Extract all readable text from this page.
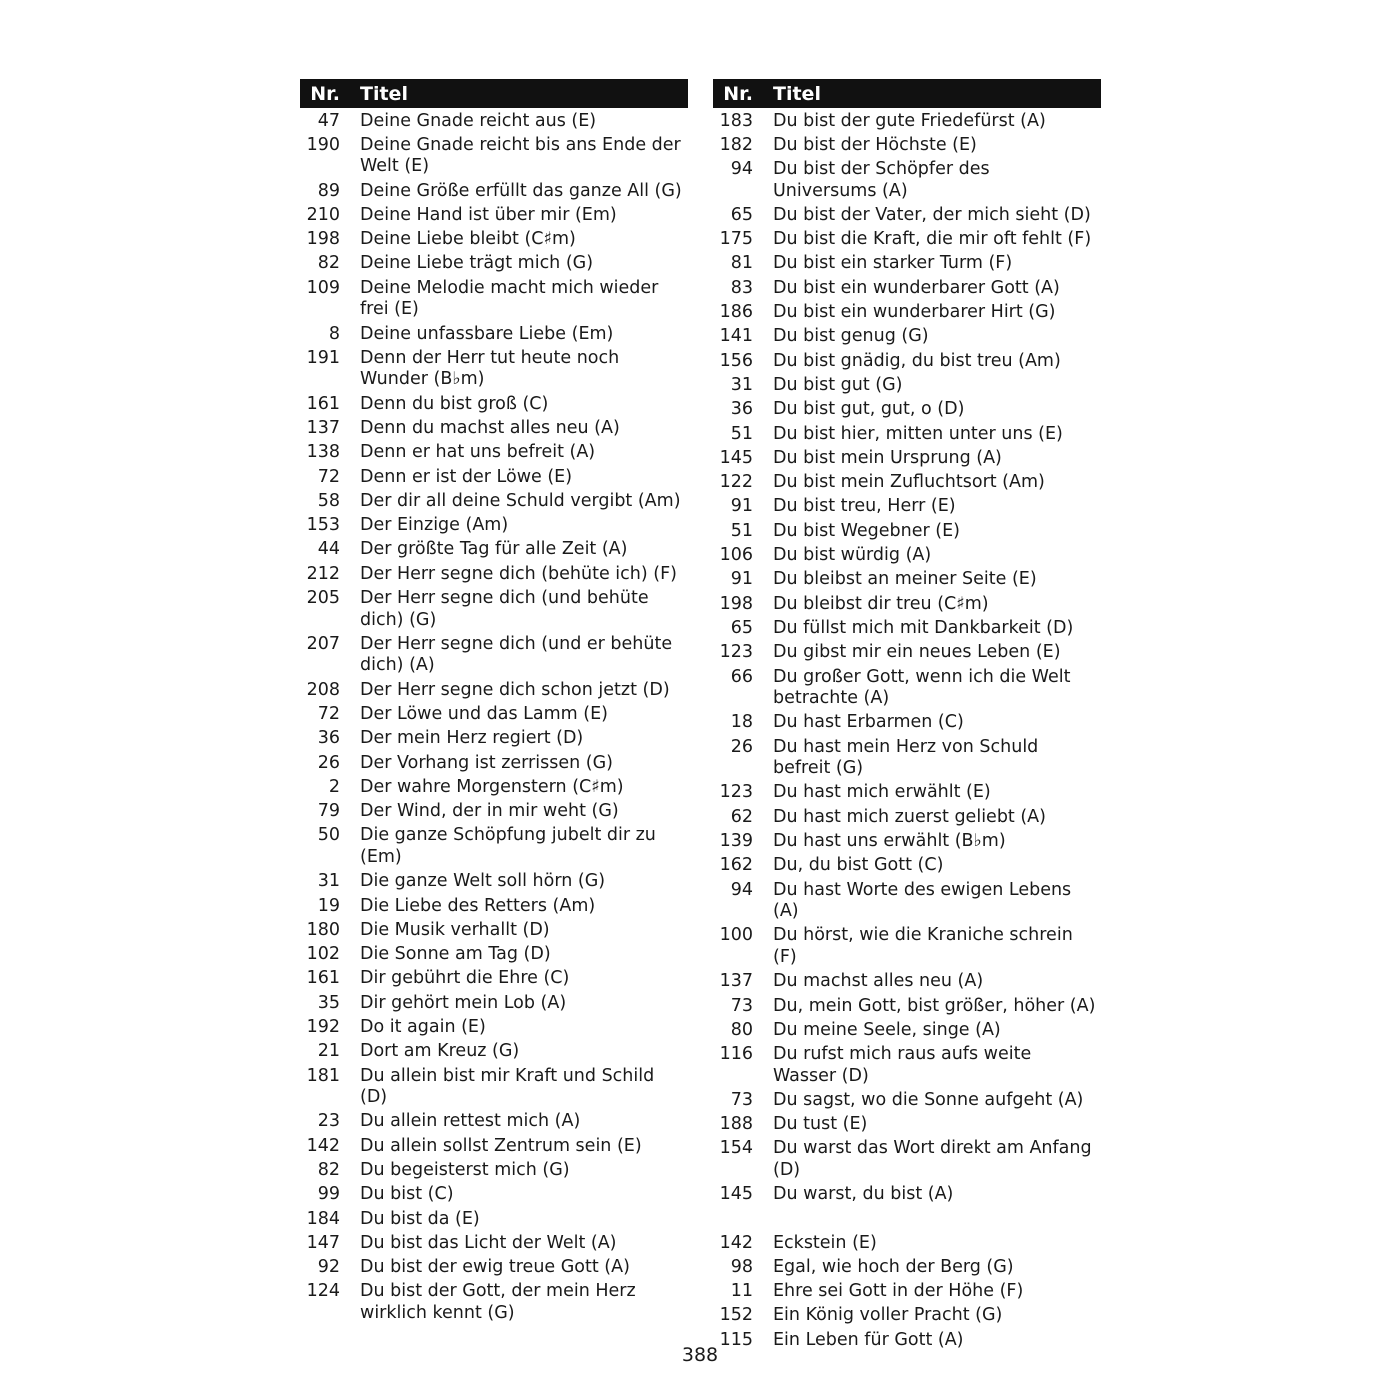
Nr.	Titel
47	Deine Gnade reicht aus (E)
190	Deine Gnade reicht bis ans Ende der Welt (E)
89	Deine Größe erfüllt das ganze All (G)
210	Deine Hand ist über mir (Em)
198	Deine Liebe bleibt (C♯m)
82	Deine Liebe trägt mich (G)
109	Deine Melodie macht mich wieder frei (E)
8	Deine unfassbare Liebe (Em)
191	Denn der Herr tut heute noch Wunder (B♭m)
161	Denn du bist groß (C)
137	Denn du machst alles neu (A)
138	Denn er hat uns befreit (A)
72	Denn er ist der Löwe (E)
58	Der dir all deine Schuld vergibt (Am)
153	Der Einzige (Am)
44	Der größte Tag für alle Zeit (A)
212	Der Herr segne dich (behüte ich) (F)
205	Der Herr segne dich (und behüte dich) (G)
207	Der Herr segne dich (und er behüte dich) (A)
208	Der Herr segne dich schon jetzt (D)
72	Der Löwe und das Lamm (E)
36	Der mein Herz regiert (D)
26	Der Vorhang ist zerrissen (G)
2	Der wahre Morgenstern (C♯m)
79	Der Wind, der in mir weht (G)
50	Die ganze Schöpfung jubelt dir zu (Em)
31	Die ganze Welt soll hörn (G)
19	Die Liebe des Retters (Am)
180	Die Musik verhallt (D)
102	Die Sonne am Tag (D)
161	Dir gebührt die Ehre (C)
35	Dir gehört mein Lob (A)
192	Do it again (E)
21	Dort am Kreuz (G)
181	Du allein bist mir Kraft und Schild (D)
23	Du allein rettest mich (A)
142	Du allein sollst Zentrum sein (E)
82	Du begeisterst mich (G)
99	Du bist (C)
184	Du bist da (E)
147	Du bist das Licht der Welt (A)
92	Du bist der ewig treue Gott (A)
124	Du bist der Gott, der mein Herz wirklich kennt (G)
Nr.	Titel
183	Du bist der gute Friedefürst (A)
182	Du bist der Höchste (E)
94	Du bist der Schöpfer des Universums (A)
65	Du bist der Vater, der mich sieht (D)
175	Du bist die Kraft, die mir oft fehlt (F)
81	Du bist ein starker Turm (F)
83	Du bist ein wunderbarer Gott (A)
186	Du bist ein wunderbarer Hirt (G)
141	Du bist genug (G)
156	Du bist gnädig, du bist treu (Am)
31	Du bist gut (G)
36	Du bist gut, gut, o (D)
51	Du bist hier, mitten unter uns (E)
145	Du bist mein Ursprung (A)
122	Du bist mein Zufluchtsort (Am)
91	Du bist treu, Herr (E)
51	Du bist Wegebner (E)
106	Du bist würdig (A)
91	Du bleibst an meiner Seite (E)
198	Du bleibst dir treu (C♯m)
65	Du füllst mich mit Dankbarkeit (D)
123	Du gibst mir ein neues Leben (E)
66	Du großer Gott, wenn ich die Welt betrachte (A)
18	Du hast Erbarmen (C)
26	Du hast mein Herz von Schuld befreit (G)
123	Du hast mich erwählt (E)
62	Du hast mich zuerst geliebt (A)
139	Du hast uns erwählt (B♭m)
162	Du, du bist Gott (C)
94	Du hast Worte des ewigen Lebens (A)
100	Du hörst, wie die Kraniche schrein (F)
137	Du machst alles neu (A)
73	Du, mein Gott, bist größer, höher (A)
80	Du meine Seele, singe (A)
116	Du rufst mich raus aufs weite Wasser (D)
73	Du sagst, wo die Sonne aufgeht (A)
188	Du tust (E)
154	Du warst das Wort direkt am Anfang (D)
145	Du warst, du bist (A)
142	Eckstein (E)
98	Egal, wie hoch der Berg (G)
11	Ehre sei Gott in der Höhe (F)
152	Ein König voller Pracht (G)
115	Ein Leben für Gott (A)
388
